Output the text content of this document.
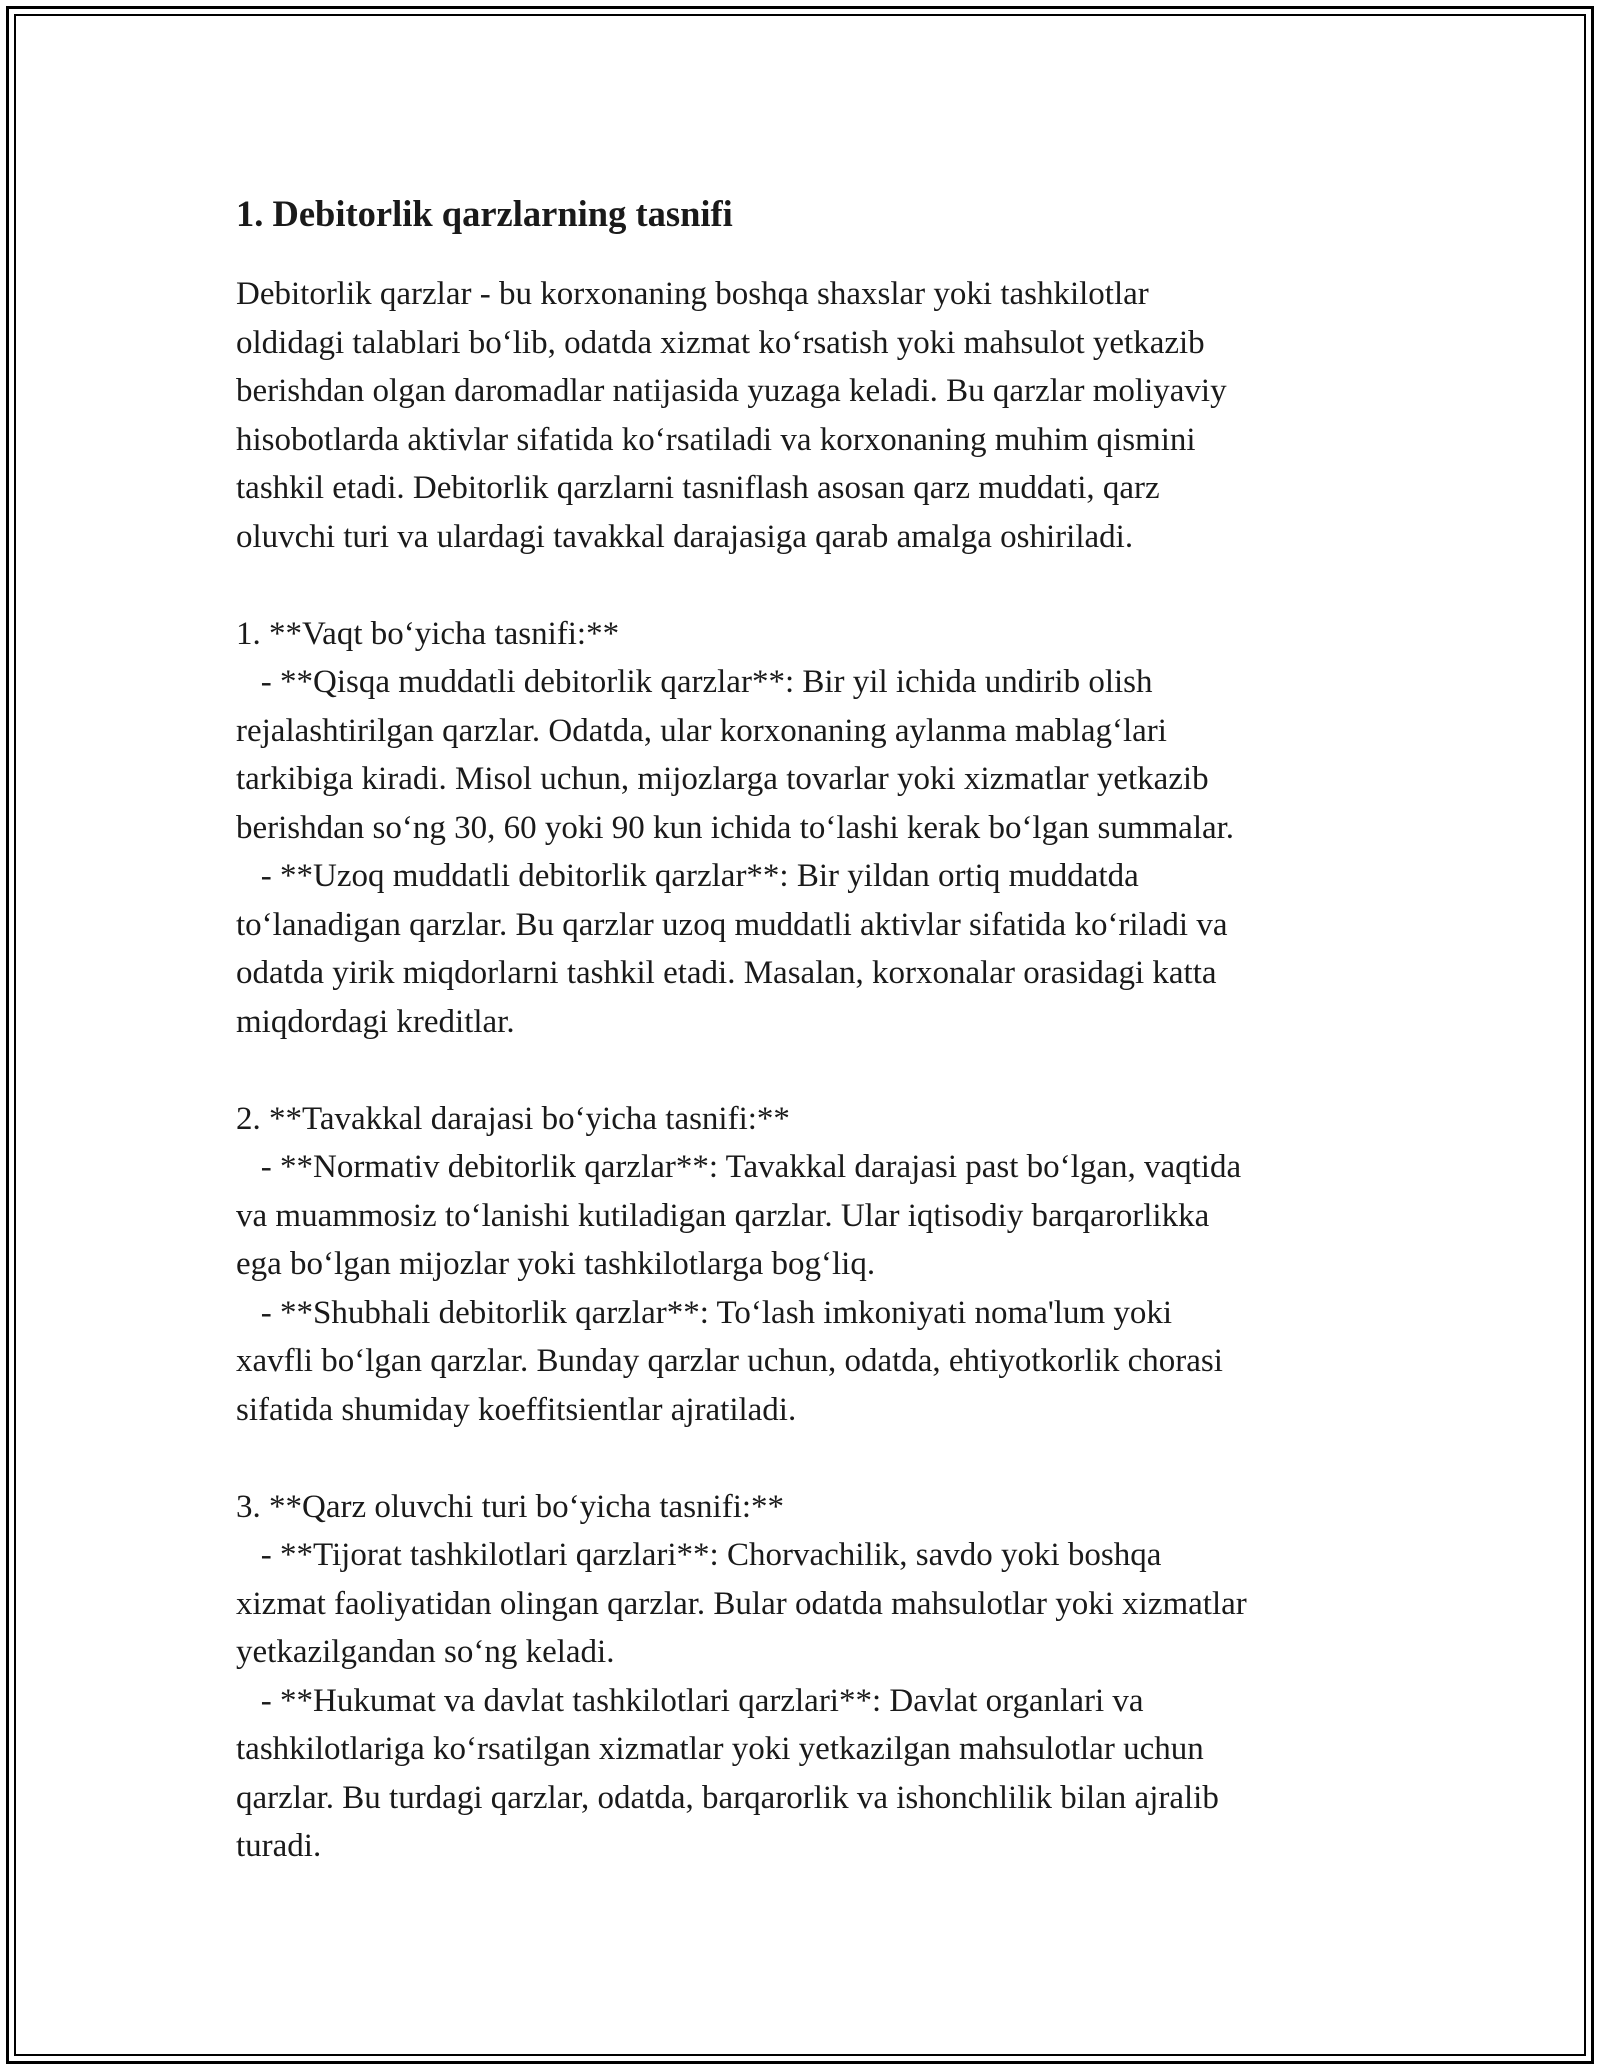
1. Debitorlik qarzlarning tasnifi
Debitorlik qarzlar - bu korxonaning boshqa shaxslar yoki tashkilotlar
oldidagi talablari bo‘lib, odatda xizmat ko‘rsatish yoki mahsulot yetkazib
berishdan olgan daromadlar natijasida yuzaga keladi. Bu qarzlar moliyaviy
hisobotlarda aktivlar sifatida ko‘rsatiladi va korxonaning muhim qismini
tashkil etadi. Debitorlik qarzlarni tasniflash asosan qarz muddati, qarz
oluvchi turi va ulardagi tavakkal darajasiga qarab amalga oshiriladi.
1. **Vaqt bo‘yicha tasnifi:**
- **Qisqa muddatli debitorlik qarzlar**: Bir yil ichida undirib olish
rejalashtirilgan qarzlar. Odatda, ular korxonaning aylanma mablag‘lari
tarkibiga kiradi. Misol uchun, mijozlarga tovarlar yoki xizmatlar yetkazib
berishdan so‘ng 30, 60 yoki 90 kun ichida to‘lashi kerak bo‘lgan summalar.
- **Uzoq muddatli debitorlik qarzlar**: Bir yildan ortiq muddatda
to‘lanadigan qarzlar. Bu qarzlar uzoq muddatli aktivlar sifatida ko‘riladi va
odatda yirik miqdorlarni tashkil etadi. Masalan, korxonalar orasidagi katta
miqdordagi kreditlar.
2. **Tavakkal darajasi bo‘yicha tasnifi:**
- **Normativ debitorlik qarzlar**: Tavakkal darajasi past bo‘lgan, vaqtida
va muammosiz to‘lanishi kutiladigan qarzlar. Ular iqtisodiy barqarorlikka
ega bo‘lgan mijozlar yoki tashkilotlarga bog‘liq.
- **Shubhali debitorlik qarzlar**: To‘lash imkoniyati noma'lum yoki
xavfli bo‘lgan qarzlar. Bunday qarzlar uchun, odatda, ehtiyotkorlik chorasi
sifatida shumiday koeffitsientlar ajratiladi.
3. **Qarz oluvchi turi bo‘yicha tasnifi:**
- **Tijorat tashkilotlari qarzlari**: Chorvachilik, savdo yoki boshqa
xizmat faoliyatidan olingan qarzlar. Bular odatda mahsulotlar yoki xizmatlar
yetkazilgandan so‘ng keladi.
- **Hukumat va davlat tashkilotlari qarzlari**: Davlat organlari va
tashkilotlariga ko‘rsatilgan xizmatlar yoki yetkazilgan mahsulotlar uchun
qarzlar. Bu turdagi qarzlar, odatda, barqarorlik va ishonchlilik bilan ajralib
turadi.
